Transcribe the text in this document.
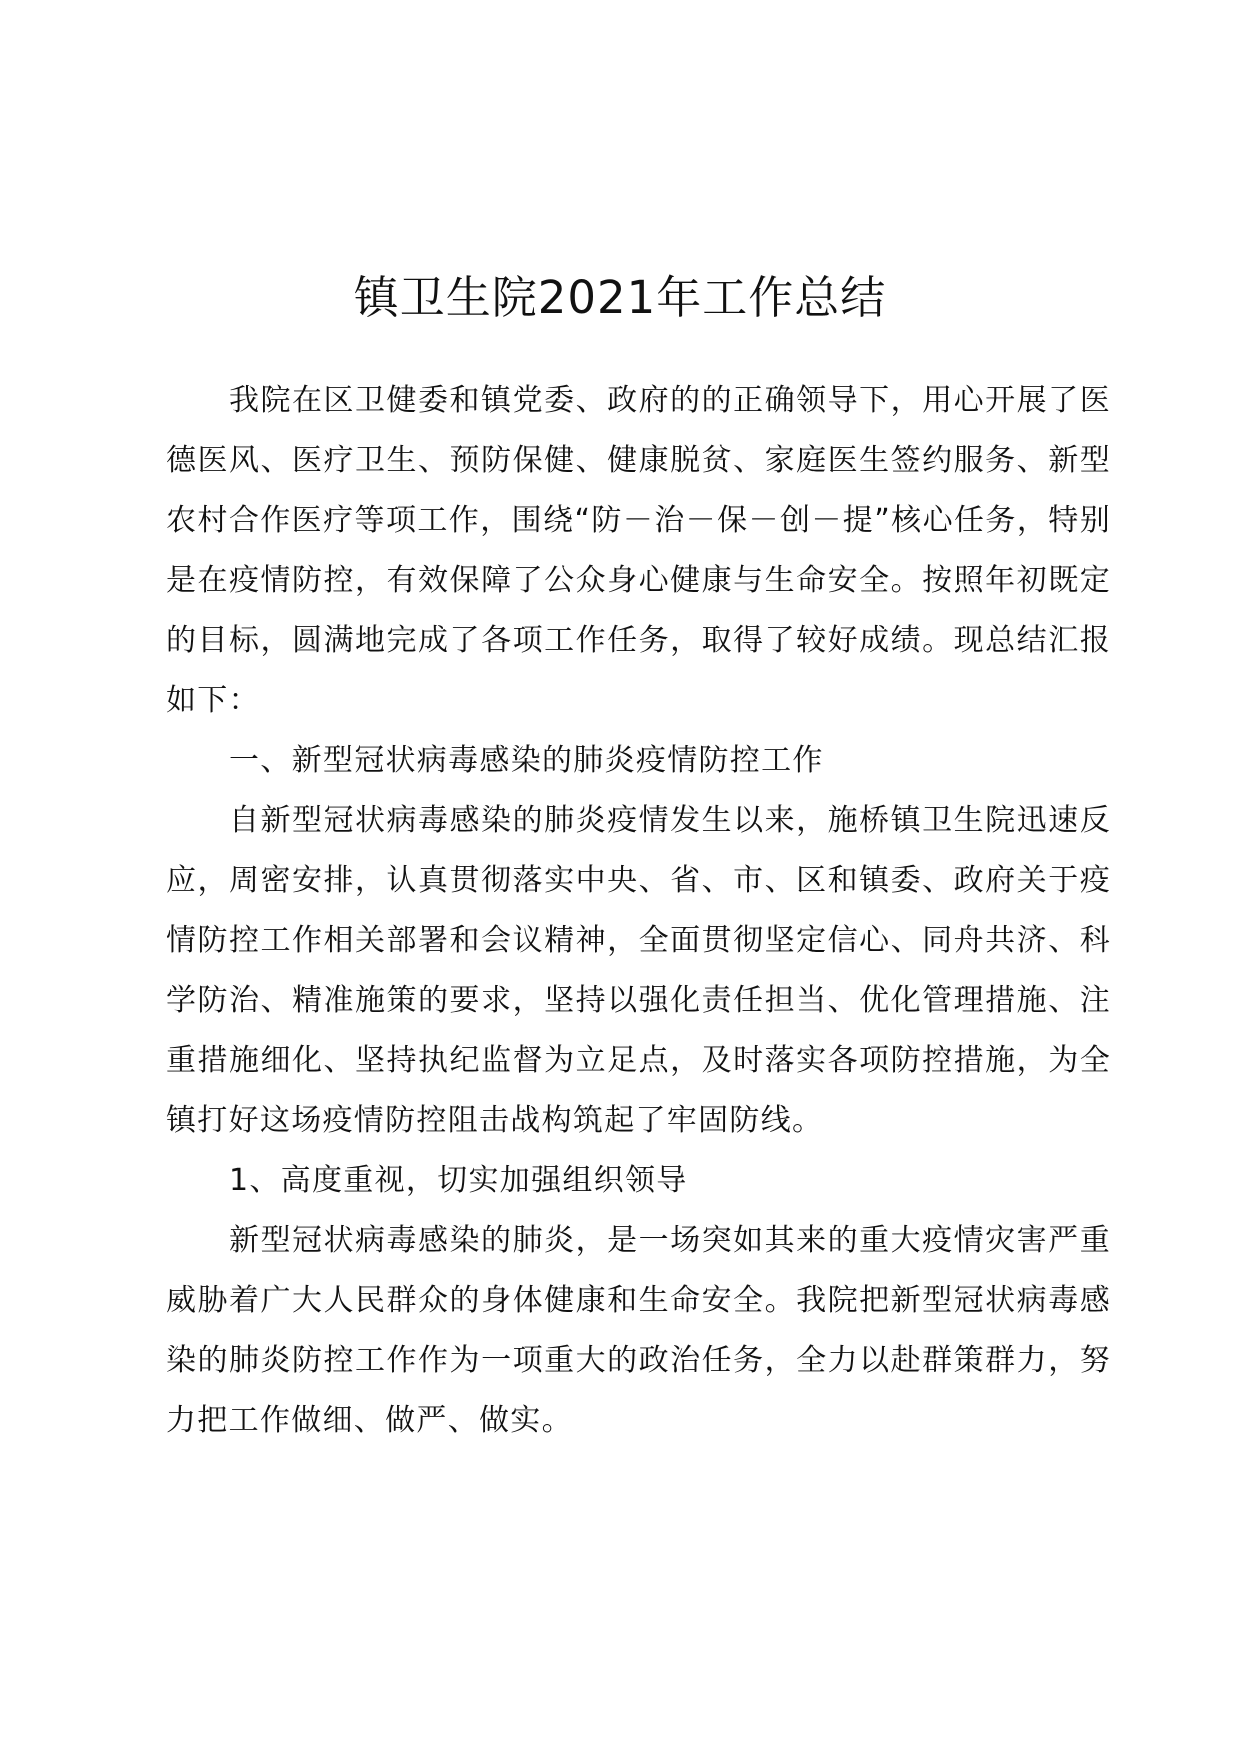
镇卫生院2021年工作总结

我院在区卫健委和镇党委、政府的的正确领导下，用心开展了医德医风、医疗卫生、预防保健、健康脱贫、家庭医生签约服务、新型农村合作医疗等项工作，围绕“防－治－保－创－提”核心任务，特别是在疫情防控，有效保障了公众身心健康与生命安全。按照年初既定的目标，圆满地完成了各项工作任务，取得了较好成绩。现总结汇报如下：

一、新型冠状病毒感染的肺炎疫情防控工作

自新型冠状病毒感染的肺炎疫情发生以来，施桥镇卫生院迅速反应，周密安排，认真贯彻落实中央、省、市、区和镇委、政府关于疫情防控工作相关部署和会议精神，全面贯彻坚定信心、同舟共济、科学防治、精准施策的要求，坚持以强化责任担当、优化管理措施、注重措施细化、坚持执纪监督为立足点，及时落实各项防控措施，为全镇打好这场疫情防控阻击战构筑起了牢固防线。

1、高度重视，切实加强组织领导

新型冠状病毒感染的肺炎，是一场突如其来的重大疫情灾害严重威胁着广大人民群众的身体健康和生命安全。我院把新型冠状病毒感染的肺炎防控工作作为一项重大的政治任务，全力以赴群策群力，努力把工作做细、做严、做实。
